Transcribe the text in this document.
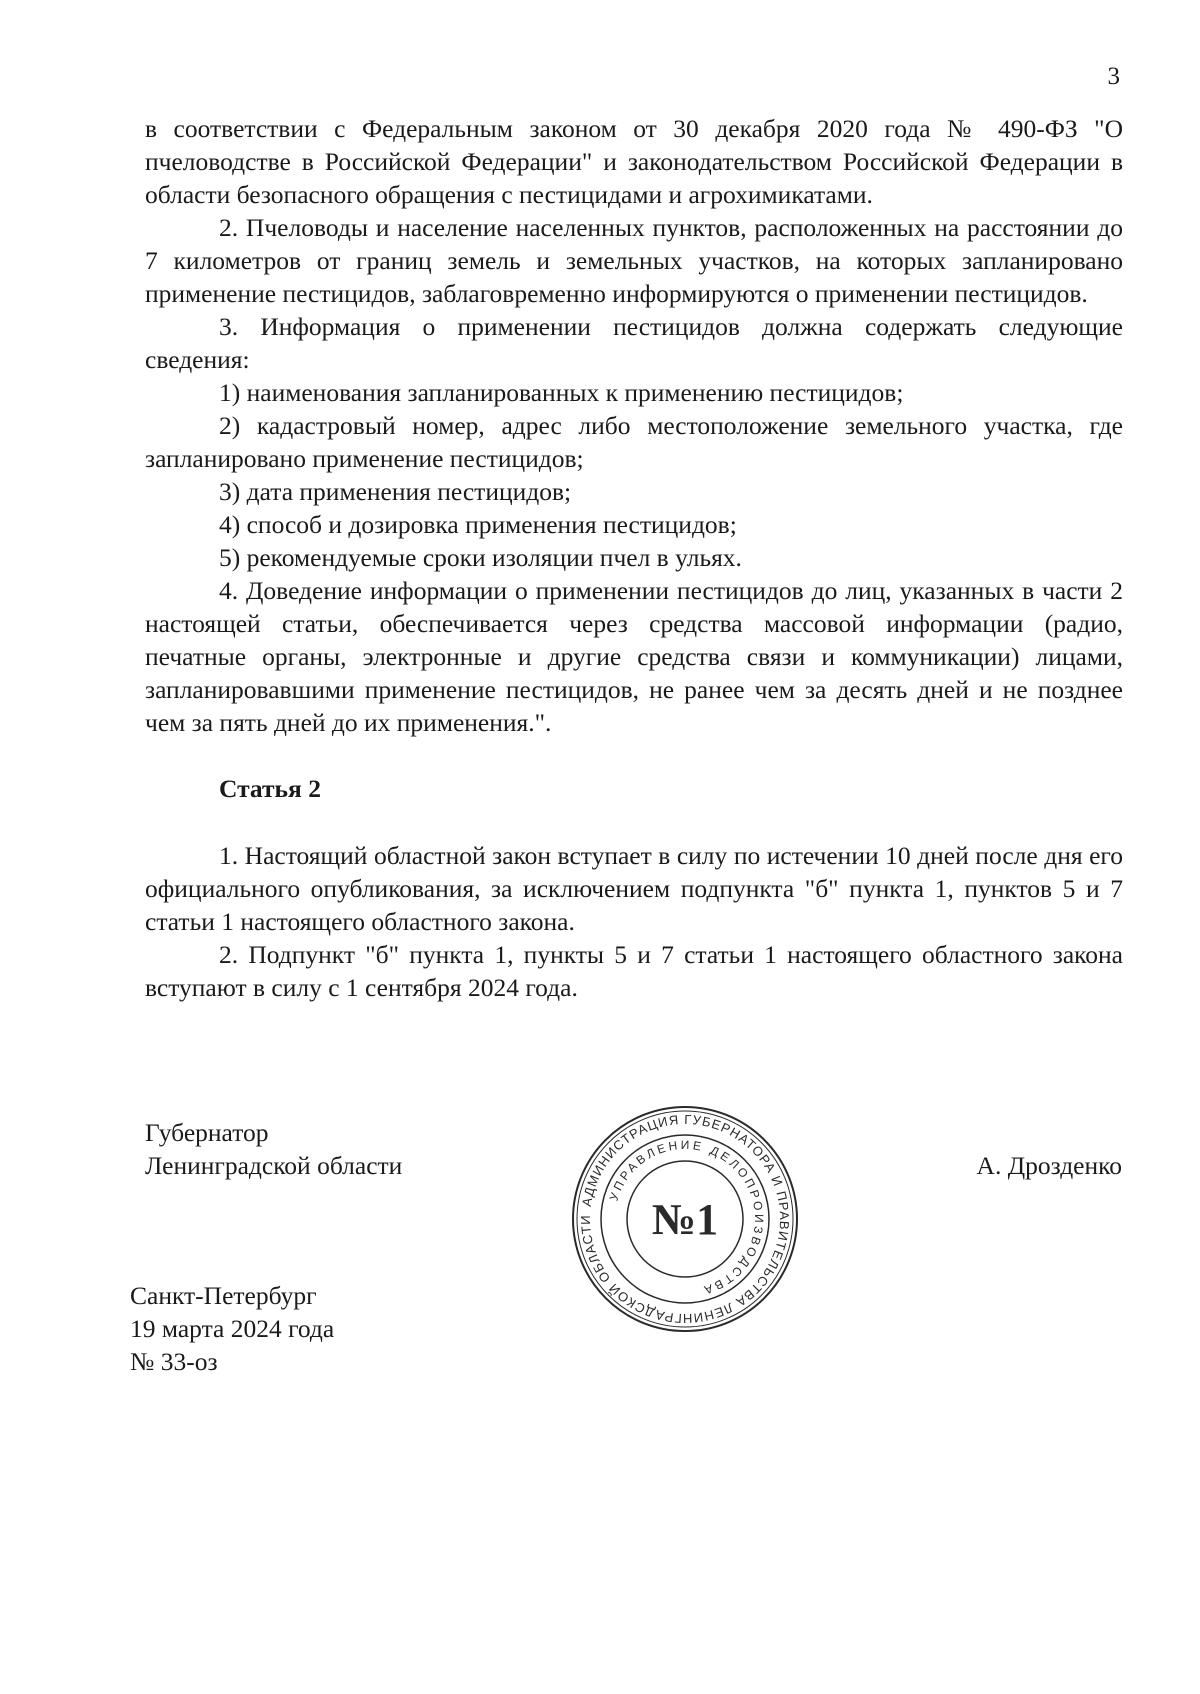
3

в соответствии с Федеральным законом от 30 декабря 2020 года № 490-ФЗ "О пчеловодстве в Российской Федерации" и законодательством Российской Федерации в области безопасного обращения с пестицидами и агрохимикатами.

2. Пчеловоды и население населенных пунктов, расположенных на расстоянии до 7 километров от границ земель и земельных участков, на которых запланировано применение пестицидов, заблаговременно информируются о применении пестицидов.

3. Информация о применении пестицидов должна содержать следующие сведения:

1) наименования запланированных к применению пестицидов;

2) кадастровый номер, адрес либо местоположение земельного участка, где запланировано применение пестицидов;

3) дата применения пестицидов;

4) способ и дозировка применения пестицидов;

5) рекомендуемые сроки изоляции пчел в ульях.

4. Доведение информации о применении пестицидов до лиц, указанных в части 2 настоящей статьи, обеспечивается через средства массовой информации (радио, печатные органы, электронные и другие средства связи и коммуникации) лицами, запланировавшими применение пестицидов, не ранее чем за десять дней и не позднее чем за пять дней до их применения.".

Статья 2

1. Настоящий областной закон вступает в силу по истечении 10 дней после дня его официального опубликования, за исключением подпункта "б" пункта 1, пунктов 5 и 7 статьи 1 настоящего областного закона.

2. Подпункт "б" пункта 1, пункты 5 и 7 статьи 1 настоящего областного закона вступают в силу с 1 сентября 2024 года.

Губернатор
Ленинградской области	А. Дрозденко
Санкт-Петербург
19 марта 2024 года
№ 33-оз
АДМИНИСТРАЦИЯ ГУБЕРНАТОРА И ПРАВИТЕЛЬСТВА ЛЕНИНГРАДСКОЙ ОБЛАСТИ
УПРАВЛЕНИЕ ДЕЛОПРОИЗВОДСТВА
№1
